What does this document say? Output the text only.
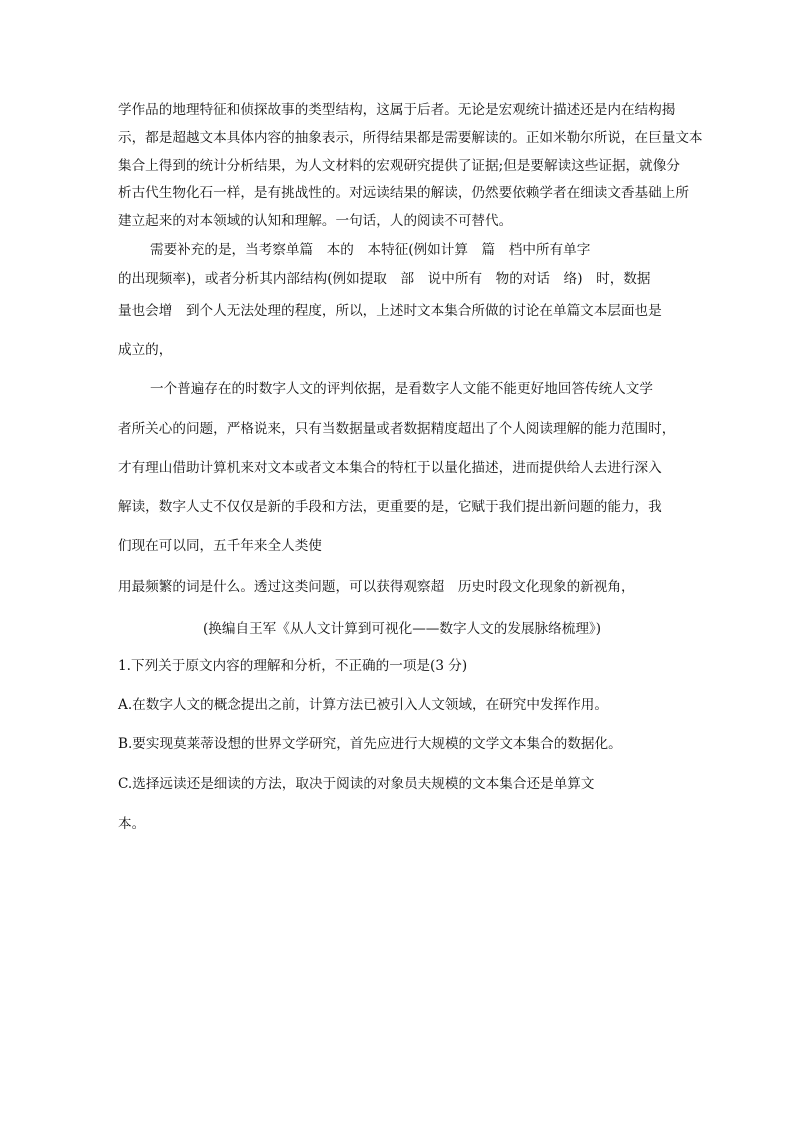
学作品的地理特征和侦探故事的类型结构，这属于后者。无论是宏观统计描述还是内在结构揭
示，都是超越文本具体内容的抽象表示，所得结果都是需要解读的。正如米勒尔所说，在巨量文本
集合上得到的统计分析结果，为人文材料的宏观研究提供了证据;但是要解读这些证据，就像分
析古代生物化石一样，是有挑战性的。对远读结果的解读，仍然要依赖学者在细读文香基础上所
建立起来的对本领域的认知和理解。一句话，人的阅读不可替代。
需要补充的是，当考察单篇　本的　本特征(例如计算　篇　档中所有单字
的出现频率)，或者分析其内部结构(例如提取　部　说中所有　物的对话　络)　时，数据
量也会增　到个人无法处理的程度，所以，上述时文本集合所做的讨论在单篇文本层面也是
成立的，
一个普遍存在的时数字人文的评判依据，是看数字人文能不能更好地回答传统人文学
者所关心的问题，严格说来，只有当数据量或者数据精度超出了个人阅读理解的能力范围时，
才有理山借助计算机来对文本或者文本集合的特杠于以量化描述，进而提供给人去进行深入
解读，数字人丈不仅仅是新的手段和方法，更重要的是，它赋于我们提出新问题的能力，我
们现在可以同，五千年来全人类使
用最频繁的词是什么。透过这类问题，可以获得观察超　历史时段文化现象的新视角，
(换编自王军《从人文计算到可视化——数字人文的发展脉络梳理》)
1.下列关于原文内容的理解和分析，不正确的一项是(3 分)
A.在数字人文的概念提出之前，计算方法已被引入人文领域，在研究中发挥作用。
B.要实现莫莱蒂设想的世界文学研究，首先应进行大规模的文学文本集合的数据化。
C.选择远读还是细读的方法，取决于阅读的对象员夫规模的文本集合还是单算文
本。
